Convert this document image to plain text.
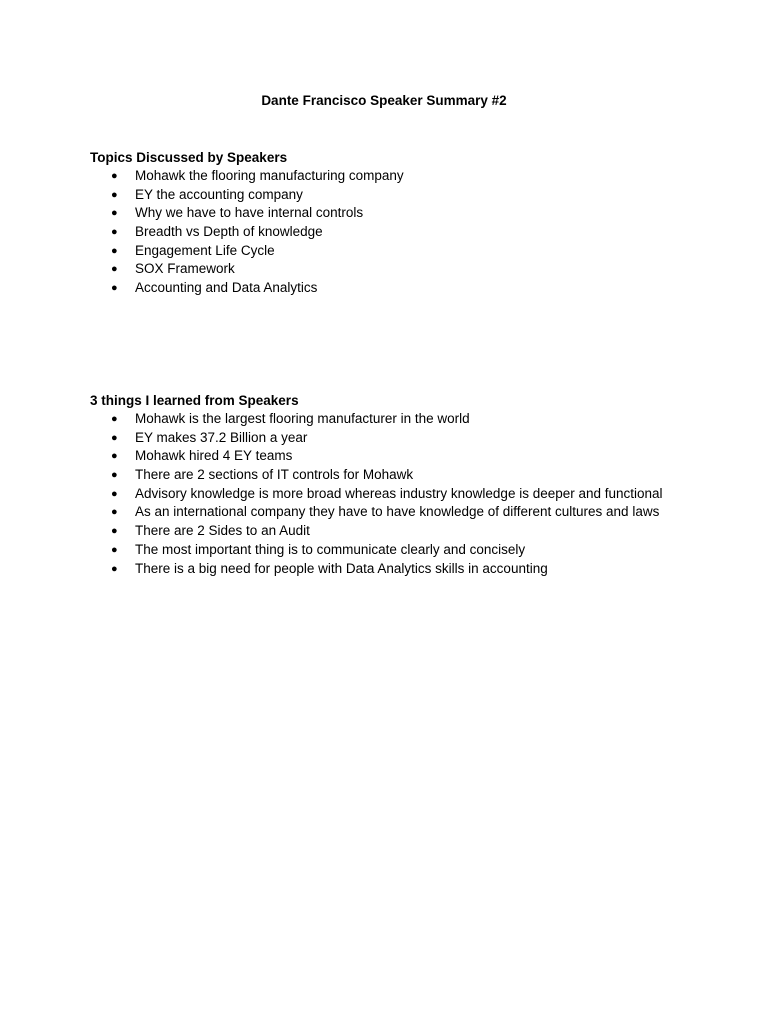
Dante Francisco Speaker Summary #2
Topics Discussed by Speakers
● Mohawk the flooring manufacturing company
● EY the accounting company
● Why we have to have internal controls
● Breadth vs Depth of knowledge
● Engagement Life Cycle
● SOX Framework
● Accounting and Data Analytics
3 things I learned from Speakers
● Mohawk is the largest flooring manufacturer in the world
● EY makes 37.2 Billion a year
● Mohawk hired 4 EY teams
● There are 2 sections of IT controls for Mohawk
● Advisory knowledge is more broad whereas industry knowledge is deeper and functional
● As an international company they have to have knowledge of different cultures and laws
● There are 2 Sides to an Audit
● The most important thing is to communicate clearly and concisely
● There is a big need for people with Data Analytics skills in accounting
